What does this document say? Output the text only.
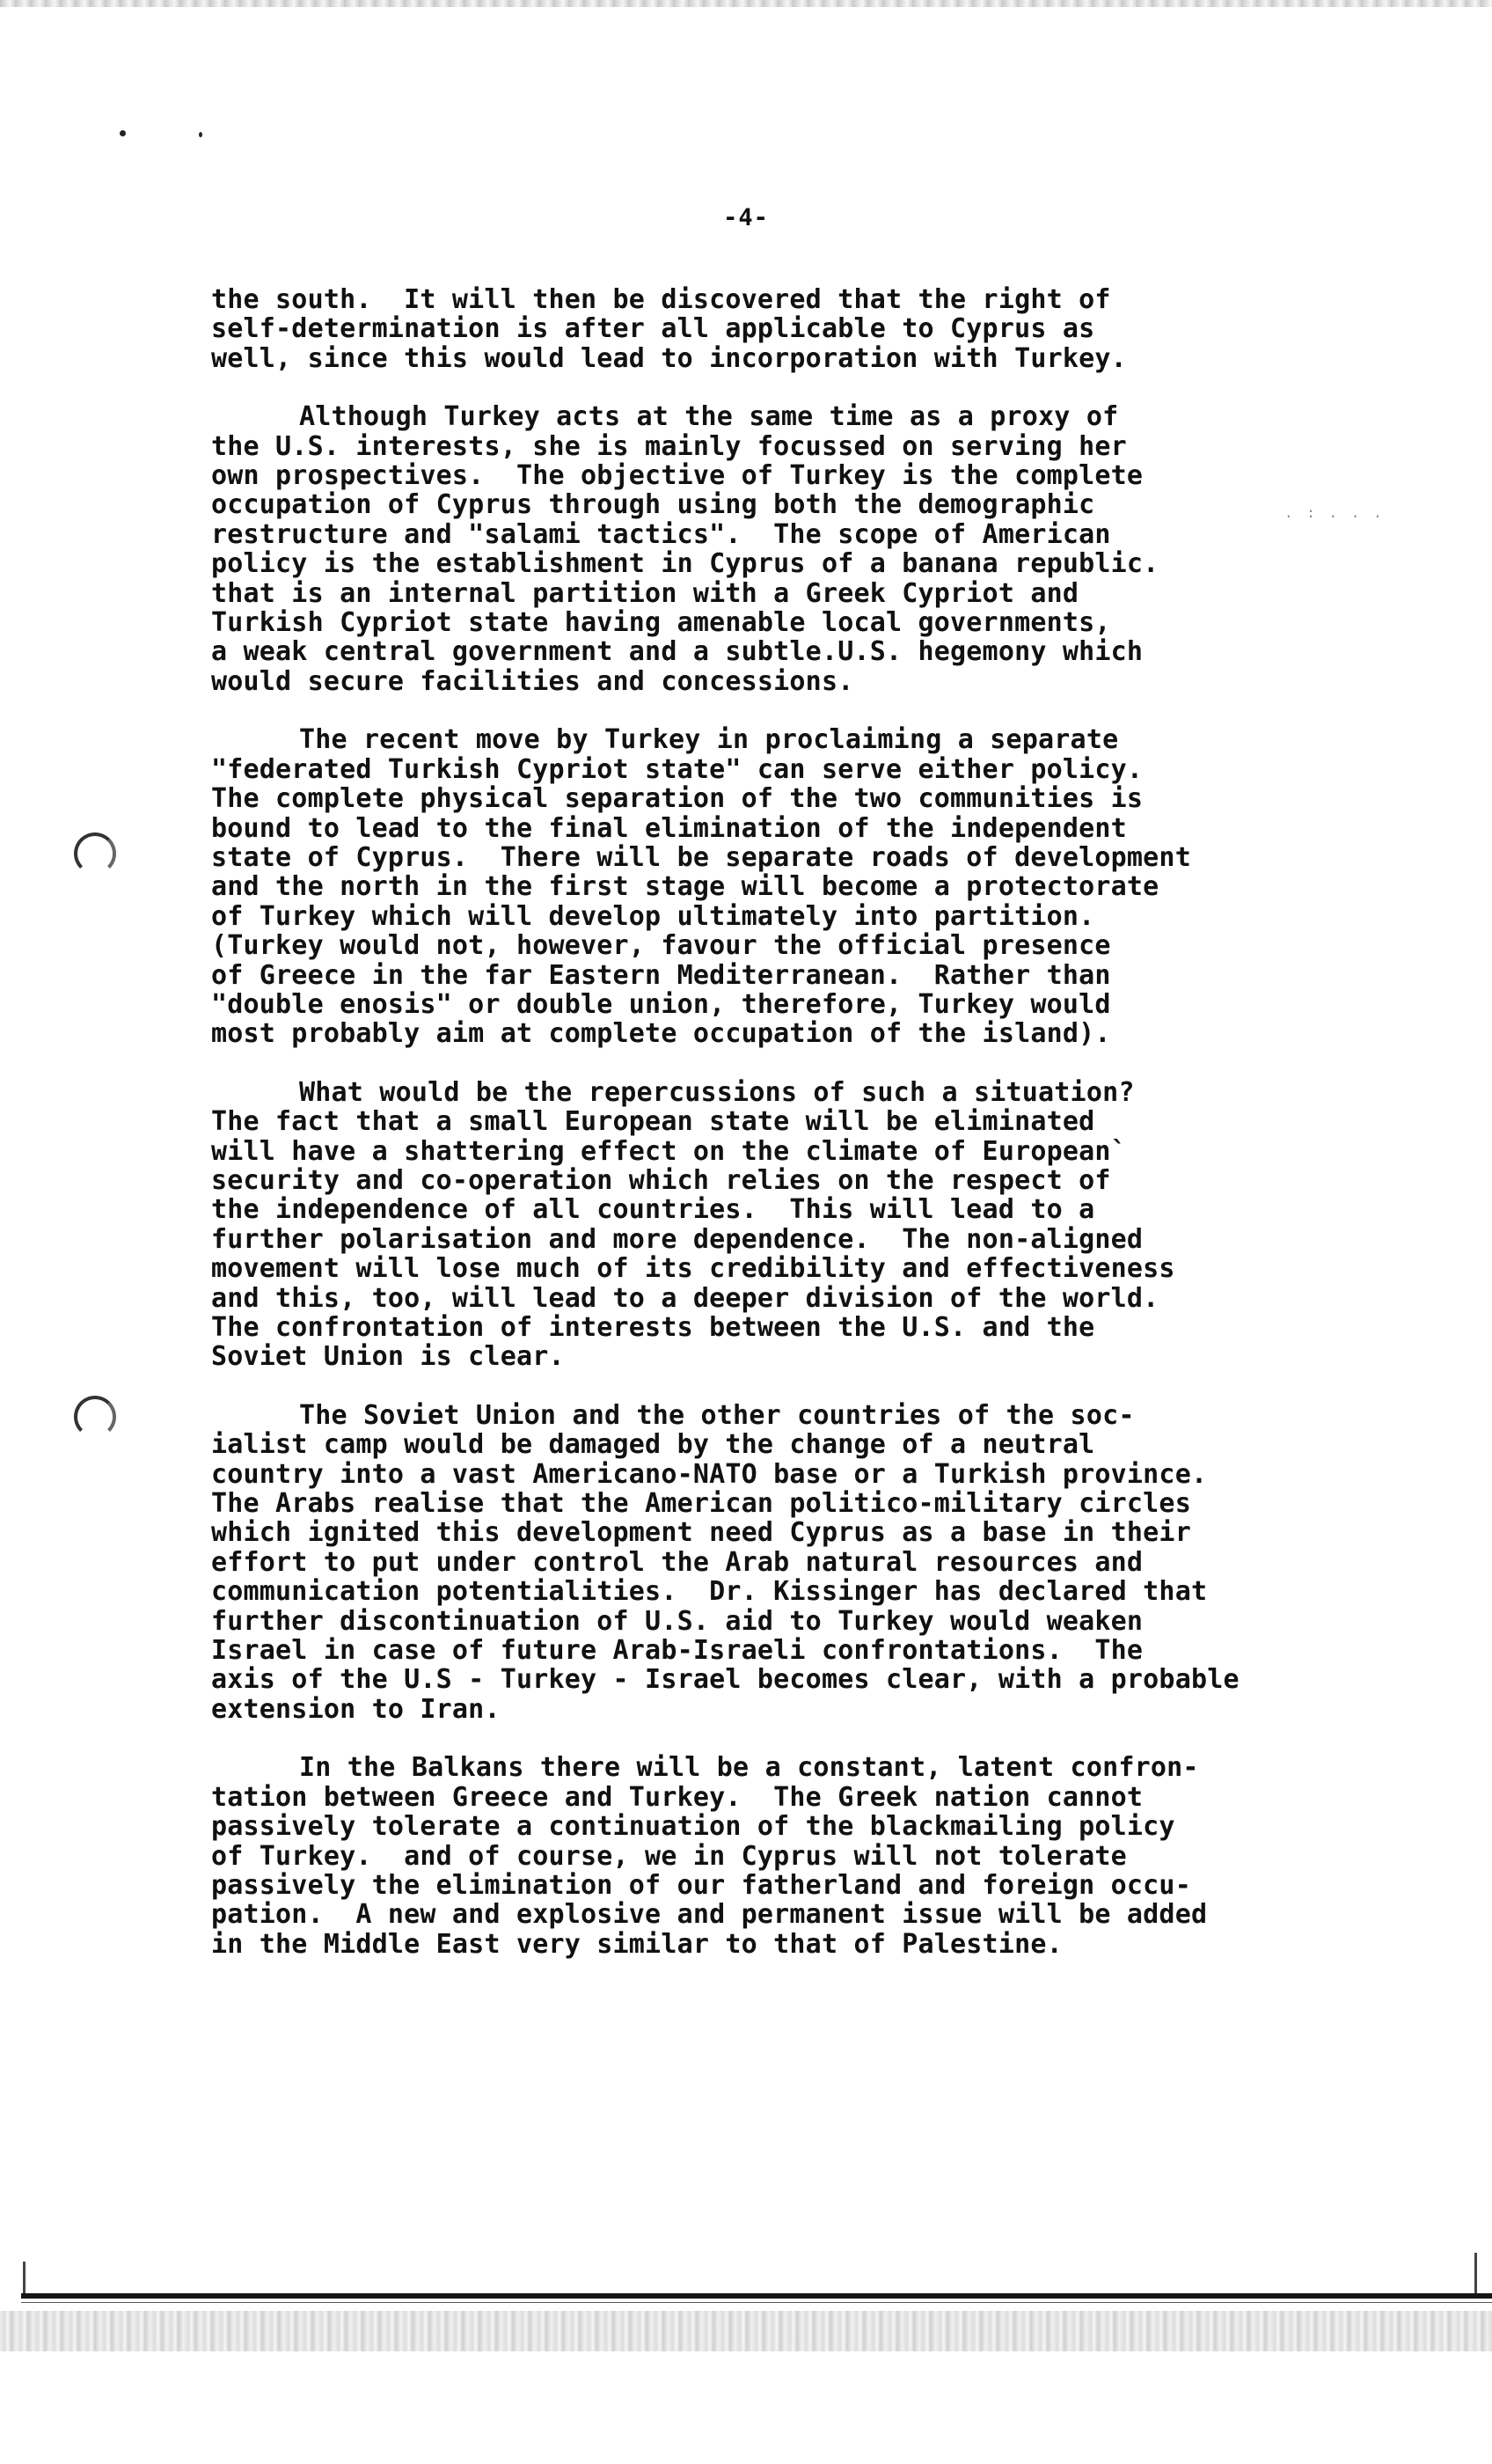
-4-
. : . . .
the south.  It will then be discovered that the right of
self-determination is after all applicable to Cyprus as
well, since this would lead to incorporation with Turkey.
Although Turkey acts at the same time as a proxy of
the U.S. interests, she is mainly focussed on serving her
own prospectives.  The objective of Turkey is the complete
occupation of Cyprus through using both the demographic
restructure and "salami tactics".  The scope of American
policy is the establishment in Cyprus of a banana republic.
that is an internal partition with a Greek Cypriot and
Turkish Cypriot state having amenable local governments,
a weak central government and a subtle.U.S. hegemony which
would secure facilities and concessions.
The recent move by Turkey in proclaiming a separate
"federated Turkish Cypriot state" can serve either policy.
The complete physical separation of the two communities is
bound to lead to the final elimination of the independent
state of Cyprus.  There will be separate roads of development
and the north in the first stage will become a protectorate
of Turkey which will develop ultimately into partition.
(Turkey would not, however, favour the official presence
of Greece in the far Eastern Mediterranean.  Rather than
"double enosis" or double union, therefore, Turkey would
most probably aim at complete occupation of the island).
What would be the repercussions of such a situation?
The fact that a small European state will be eliminated
will have a shattering effect on the climate of European`
security and co-operation which relies on the respect of
the independence of all countries.  This will lead to a
further polarisation and more dependence.  The non-aligned
movement will lose much of its credibility and effectiveness
and this, too, will lead to a deeper division of the world.
The confrontation of interests between the U.S. and the
Soviet Union is clear.
The Soviet Union and the other countries of the soc-
ialist camp would be damaged by the change of a neutral
country into a vast Americano-NATO base or a Turkish province.
The Arabs realise that the American politico-military circles
which ignited this development need Cyprus as a base in their
effort to put under control the Arab natural resources and
communication potentialities.  Dr. Kissinger has declared that
further discontinuation of U.S. aid to Turkey would weaken
Israel in case of future Arab-Israeli confrontations.  The
axis of the U.S - Turkey - Israel becomes clear, with a probable
extension to Iran.
In the Balkans there will be a constant, latent confron-
tation between Greece and Turkey.  The Greek nation cannot
passively tolerate a continuation of the blackmailing policy
of Turkey.  and of course, we in Cyprus will not tolerate
passively the elimination of our fatherland and foreign occu-
pation.  A new and explosive and permanent issue will be added
in the Middle East very similar to that of Palestine.
